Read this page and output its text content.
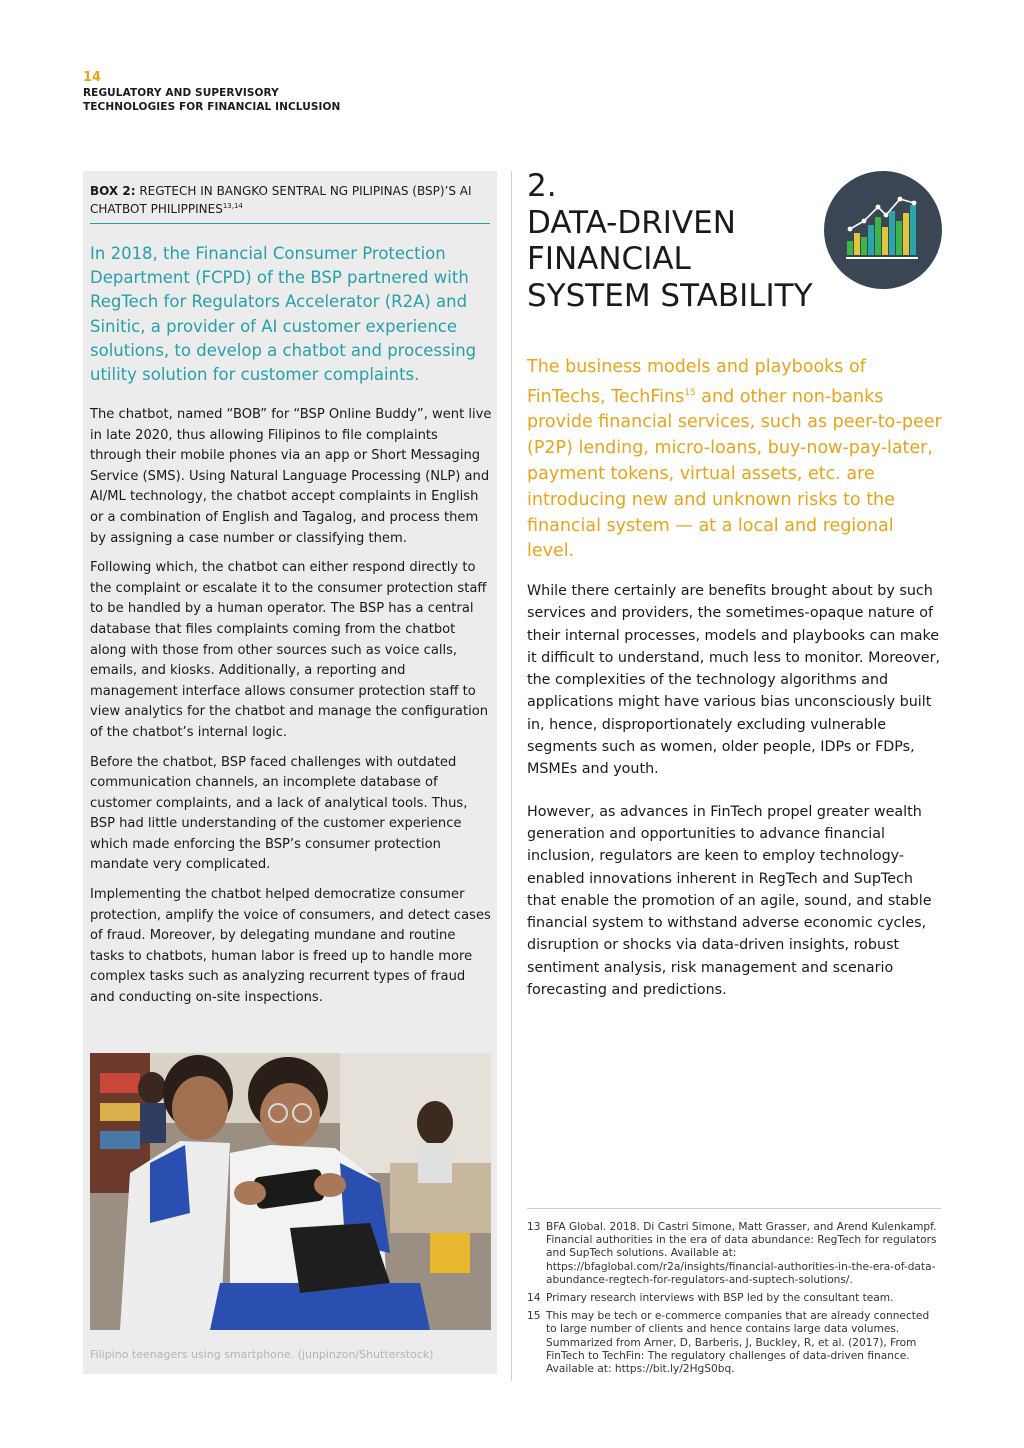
14
REGULATORY AND SUPERVISORY
TECHNOLOGIES FOR FINANCIAL INCLUSION
BOX 2: REGTECH IN BANGKO SENTRAL NG PILIPINAS (BSP)’S AI CHATBOT PHILIPPINES$^{13,14}$
In 2018, the Financial Consumer Protection Department (FCPD) of the BSP partnered with RegTech for Regulators Accelerator (R2A) and Sinitic, a provider of AI customer experience solutions, to develop a chatbot and processing utility solution for customer complaints.

The chatbot, named “BOB” for “BSP Online Buddy”, went live in late 2020, thus allowing Filipinos to file complaints through their mobile phones via an app or Short Messaging Service (SMS). Using Natural Language Processing (NLP) and AI/ML technology, the chatbot accept complaints in English or a combination of English and Tagalog, and process them by assigning a case number or classifying them.

Following which, the chatbot can either respond directly to the complaint or escalate it to the consumer protection staff to be handled by a human operator. The BSP has a central database that files complaints coming from the chatbot along with those from other sources such as voice calls, emails, and kiosks. Additionally, a reporting and management interface allows consumer protection staff to view analytics for the chatbot and manage the configuration of the chatbot’s internal logic.

Before the chatbot, BSP faced challenges with outdated communication channels, an incomplete database of customer complaints, and a lack of analytical tools. Thus, BSP had little understanding of the customer experience which made enforcing the BSP’s consumer protection mandate very complicated.

Implementing the chatbot helped democratize consumer protection, amplify the voice of consumers, and detect cases of fraud. Moreover, by delegating mundane and routine tasks to chatbots, human labor is freed up to handle more complex tasks such as analyzing recurrent types of fraud and conducting on-site inspections.

Filipino teenagers using smartphone. (junpinzon/Shutterstock)
2.
DATA-DRIVEN
FINANCIAL
SYSTEM STABILITY
The business models and playbooks of FinTechs, TechFins$^{15}$ and other non-banks provide financial services, such as peer-to-peer (P2P) lending, micro-loans, buy-now-pay-later, payment tokens, virtual assets, etc. are introducing new and unknown risks to the financial system — at a local and regional level.

While there certainly are benefits brought about by such services and providers, the sometimes-opaque nature of their internal processes, models and playbooks can make it difficult to understand, much less to monitor. Moreover, the complexities of the technology algorithms and applications might have various bias unconsciously built in, hence, disproportionately excluding vulnerable segments such as women, older people, IDPs or FDPs, MSMEs and youth.

However, as advances in FinTech propel greater wealth generation and opportunities to advance financial inclusion, regulators are keen to employ technology-enabled innovations inherent in RegTech and SupTech that enable the promotion of an agile, sound, and stable financial system to withstand adverse economic cycles, disruption or shocks via data-driven insights, robust sentiment analysis, risk management and scenario forecasting and predictions.

13 BFA Global. 2018. Di Castri Simone, Matt Grasser, and Arend Kulenkampf. Financial authorities in the era of data abundance: RegTech for regulators and SupTech solutions. Available at: https://bfaglobal.com/r2a/insights/financial-authorities-in-the-era-of-data-abundance-regtech-for-regulators-and-suptech-solutions/.
14 Primary research interviews with BSP led by the consultant team.
15 This may be tech or e-commerce companies that are already connected to large number of clients and hence contains large data volumes. Summarized from Arner, D, Barberis, J, Buckley, R, et al. (2017), From FinTech to TechFin: The regulatory challenges of data-driven finance. Available at: https://bit.ly/2HgS0bq.
